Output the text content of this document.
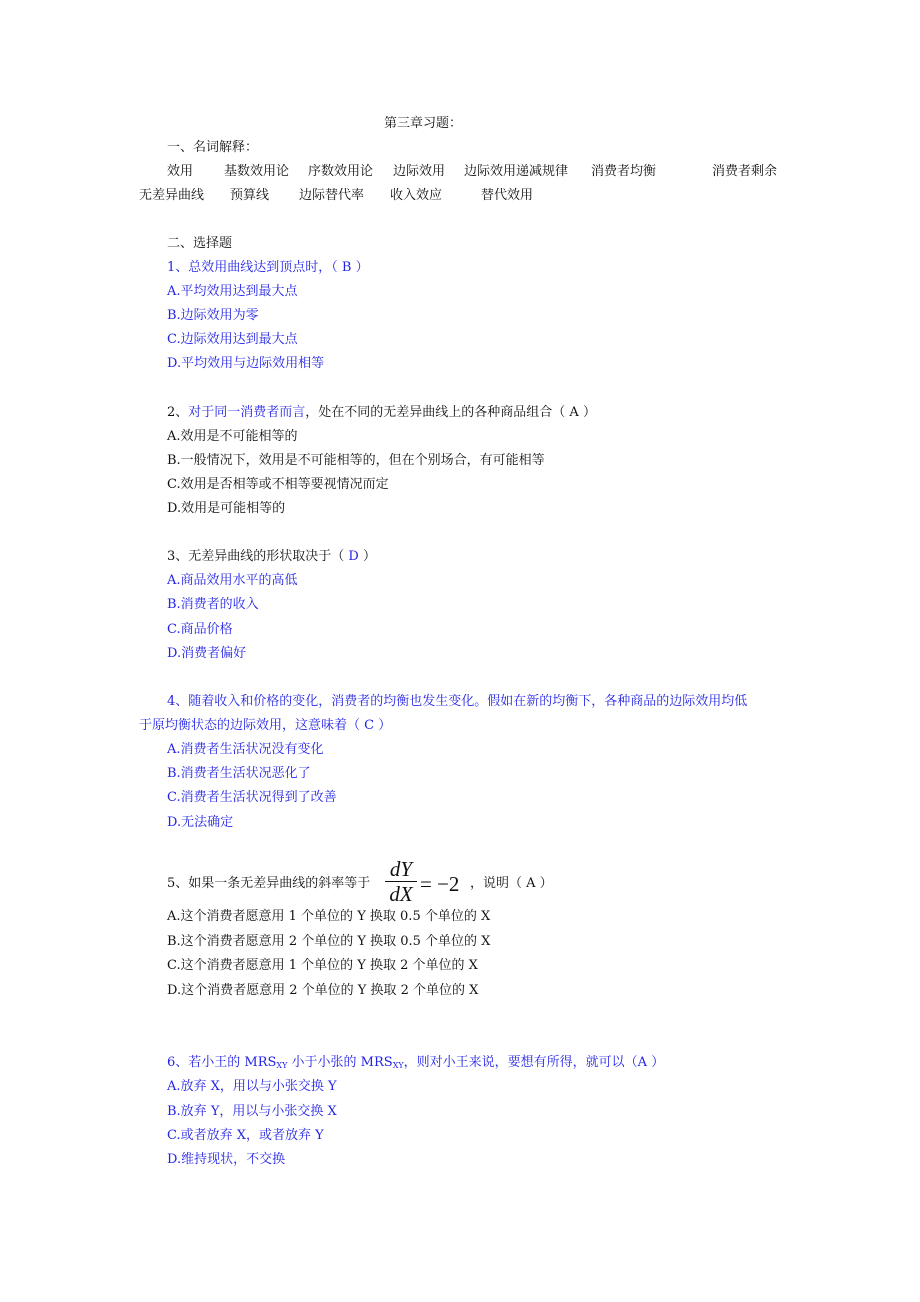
第三章习题：
一、名词解释：
效用 基数效用论 序数效用论 边际效用 边际效用递减规律 消费者均衡	消费者剩余
无差异曲线 预算线 边际替代率 收入效应	替代效用
二、选择题
1、总效用曲线达到顶点时，（ B ）
A.平均效用达到最大点
B.边际效用为零
C.边际效用达到最大点
D.平均效用与边际效用相等
2、对于同一消费者而言，处在不同的无差异曲线上的各种商品组合（ A ）
A.效用是不可能相等的
B.一般情况下，效用是不可能相等的，但在个别场合，有可能相等
C.效用是否相等或不相等要视情况而定
D.效用是可能相等的
3、无差异曲线的形状取决于（ D ）
A.商品效用水平的高低
B.消费者的收入
C.商品价格
D.消费者偏好
4、随着收入和价格的变化，消费者的均衡也发生变化。假如在新的均衡下，各种商品的边际效用均低
于原均衡状态的边际效用，这意味着（ C ）
A.消费者生活状况没有变化
B.消费者生活状况恶化了
C.消费者生活状况得到了改善
D.无法确定
5、如果一条无差异曲线的斜率等于
dY
dX = −2 ，说明（ A ）
A.这个消费者愿意用 1 个单位的 Y 换取 0.5 个单位的 X
B.这个消费者愿意用 2 个单位的 Y 换取 0.5 个单位的 X
C.这个消费者愿意用 1 个单位的 Y 换取 2 个单位的 X
D.这个消费者愿意用 2 个单位的 Y 换取 2 个单位的 X
6、若小王的 $MRS_{XY}$ 小于小张的 $MRS_{XY}$，则对小王来说，要想有所得，就可以（A ）
A.放弃 X，用以与小张交换 Y
B.放弃 Y，用以与小张交换 X
C.或者放弃 X，或者放弃 Y
D.维持现状，不交换
